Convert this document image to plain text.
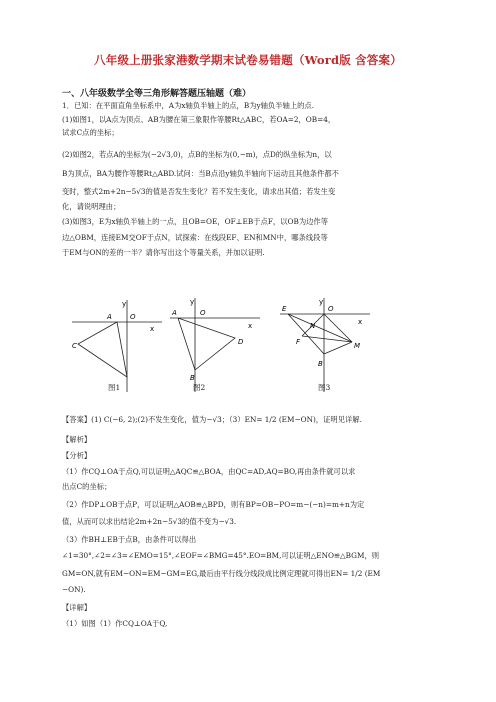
八年级上册张家港数学期末试卷易错题（Word版 含答案）
一、八年级数学全等三角形解答题压轴题（难）
1．已知：在平面直角坐标系中，A为x轴负半轴上的点，B为y轴负半轴上的点.
(1)如图1，以A点为顶点、AB为腰在第三象限作等腰Rt△ABC，若OA=2，OB=4，
试求C点的坐标；
(2)如图2，若点A的坐标为(−2√3,0)，点B的坐标为(0,−m)，点D的纵坐标为n，以
B为顶点，BA为腰作等腰Rt△ABD.试问：当B点沿y轴负半轴向下运动且其他条件都不
变时，整式2m+2n−5√3的值是否发生变化？若不发生变化，请求出其值；若发生变
化，请说明理由；
(3)如图3，E为x轴负半轴上的一点，且OB=OE，OF⊥EB于点F，以OB为边作等
边△OBM，连接EM交OF于点N，试探索：在线段EF、EN和MN中，哪条线段等
于EM与ON的差的一半？请你写出这个等量关系，并加以证明.
y
x
A	O
C
图1
y
x
A	O
D
B
图2
y
x
E	O
N
F	M
B
图3
【答案】(1) C(−6, 2);(2)不发生变化，值为−√3；（3）EN= 1/2 (EM−ON)，证明见详解.
【解析】
【分析】
（1）作CQ⊥OA于点Q,可以证明△AQC≌△BOA，由QC=AD,AQ=BO,再由条件就可以求
出点C的坐标；
（2）作DP⊥OB于点P，可以证明△AOB≌△BPD，则有BP=OB−PO=m−(−n)=m+n为定
值，从而可以求出结论2m+2n−5√3的值不变为−√3.
（3）作BH⊥EB于点B，由条件可以得出
∠1=30°,∠2=∠3=∠EMO=15°,∠EOF=∠BMG=45°.EO=BM,可以证明△ENO≌△BGM，则
GM=ON,就有EM−ON=EM−GM=EG,最后由平行线分线段成比例定理就可得出EN= 1/2 (EM
−ON).
【详解】
（1）如图（1）作CQ⊥OA于Q,
